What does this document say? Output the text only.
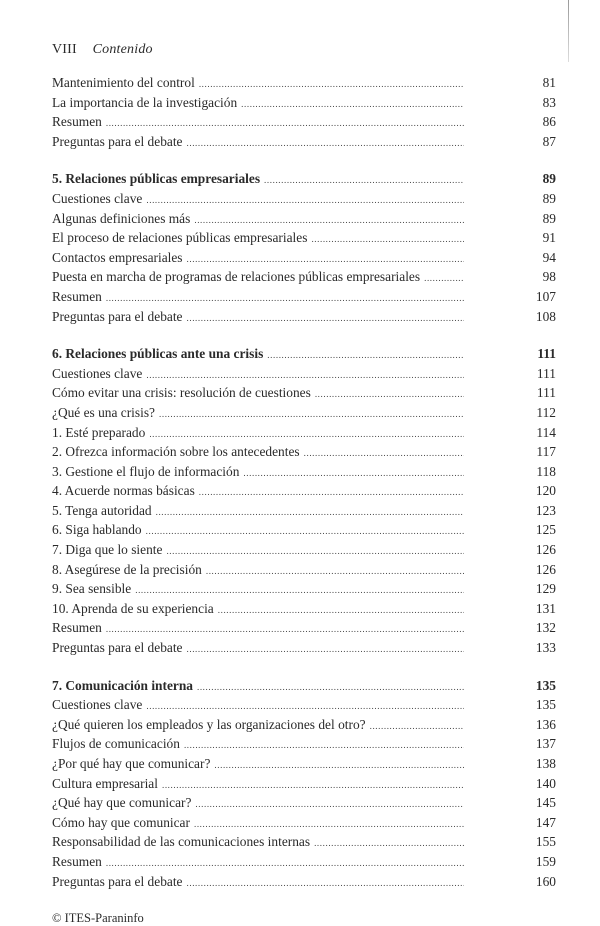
VIII Contenido
Mantenimiento del control .....	81
La importancia de la investigación .....	83
Resumen .....	86
Preguntas para el debate .....	87
5. Relaciones públicas empresariales .....	89
Cuestiones clave .....	89
Algunas definiciones más .....	89
El proceso de relaciones públicas empresariales .....	91
Contactos empresariales .....	94
Puesta en marcha de programas de relaciones públicas empresariales .....	98
Resumen .....	107
Preguntas para el debate .....	108
6. Relaciones públicas ante una crisis .....	111
Cuestiones clave .....	111
Cómo evitar una crisis: resolución de cuestiones .....	111
¿Qué es una crisis? .....	112
1. Esté preparado .....	114
2. Ofrezca información sobre los antecedentes .....	117
3. Gestione el flujo de información .....	118
4. Acuerde normas básicas .....	120
5. Tenga autoridad .....	123
6. Siga hablando .....	125
7. Diga que lo siente .....	126
8. Asegúrese de la precisión .....	126
9. Sea sensible .....	129
10. Aprenda de su experiencia .....	131
Resumen .....	132
Preguntas para el debate .....	133
7. Comunicación interna .....	135
Cuestiones clave .....	135
¿Qué quieren los empleados y las organizaciones del otro? .....	136
Flujos de comunicación .....	137
¿Por qué hay que comunicar? .....	138
Cultura empresarial .....	140
¿Qué hay que comunicar? .....	145
Cómo hay que comunicar .....	147
Responsabilidad de las comunicaciones internas .....	155
Resumen .....	159
Preguntas para el debate .....	160
© ITES-Paraninfo
